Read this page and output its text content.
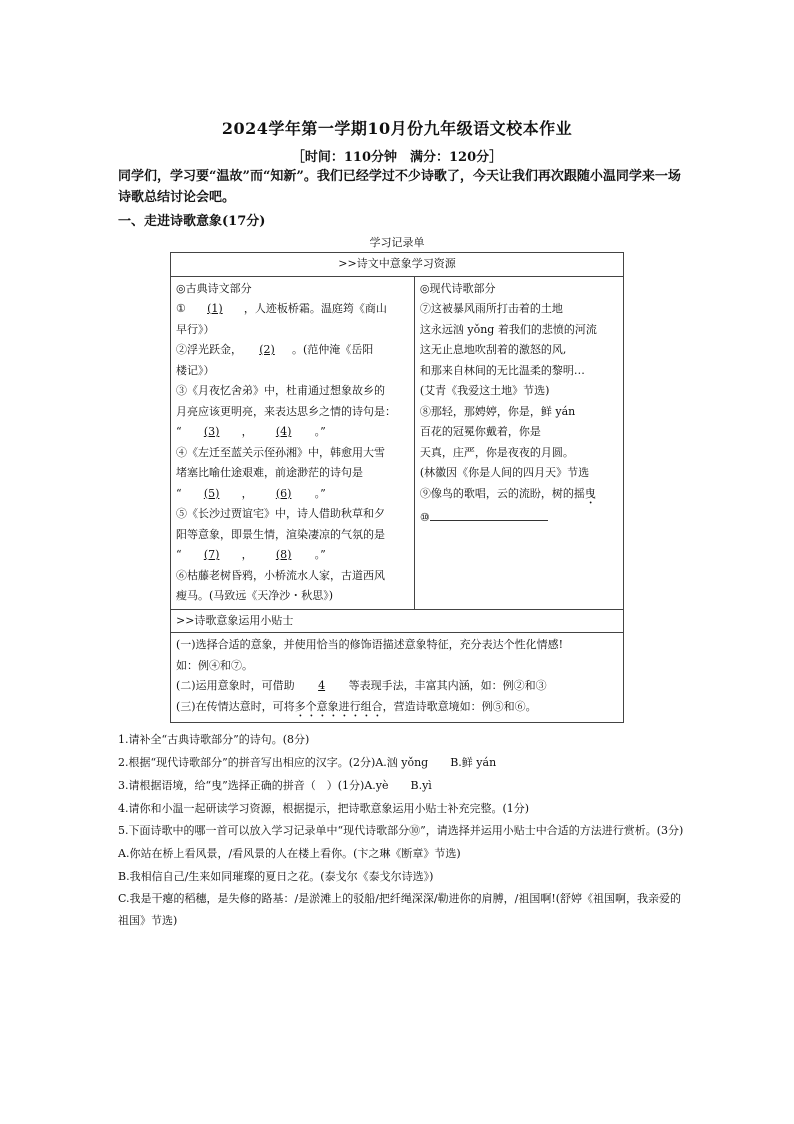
2024学年第一学期10月份九年级语文校本作业
［时间：110分钟　满分：120分］
同学们，学习要“温故”而“知新”。我们已经学过不少诗歌了，今天让我们再次跟随小温同学来一场诗歌总结讨论会吧。
一、走进诗歌意象(17分)
学习记录单
>>诗文中意象学习资源

◎古典诗文部分
① (1) ，人迹板桥霜。温庭筠《商山
早行》）
②浮光跃金， (2) 。(范仲淹《岳阳
楼记》）
③《月夜忆舍弟》中，杜甫通过想象故乡的
月亮应该更明亮，来表达思乡之情的诗句是：
“ (3) ， (4) 。”
④《左迁至蓝关示侄孙湘》中，韩愈用大雪
堵塞比喻仕途艰难，前途渺茫的诗句是
“ (5) ， (6) 。”
⑤《长沙过贾谊宅》中，诗人借助秋草和夕
阳等意象，即景生情，渲染凄凉的气氛的是
“ (7) ， (8) 。”
⑥枯藤老树昏鸦，小桥流水人家，古道西风
瘦马。(马致远《天净沙・秋思》)

◎现代诗歌部分
⑦这被暴风雨所打击着的土地
这永远汹 yǒng 着我们的悲愤的河流
这无止息地吹刮着的激怒的风,
和那来自林间的无比温柔的黎明…
(艾青《我爱这土地》节选)
⑧那轻，那娉婷，你是，鲜 yán
百花的冠冕你戴着，你是
天真，庄严，你是夜夜的月圆。
(林徽因《你是人间的四月天》节选
⑨像鸟的歌唱，云的流盼，树的摇曳
⑩

>>诗歌意象运用小贴士

(一)选择合适的意象，并使用恰当的修饰语描述意象特征，充分表达个性化情感!
如：例④和⑦。
(二)运用意象时，可借助 4 等表现手法，丰富其内涵，如：例②和③
(三)在传情达意时，可将多个意象进行组合，营造诗歌意境如：例⑤和⑥。

1.请补全“古典诗歌部分”的诗句。(8分)

2.根据“现代诗歌部分”的拼音写出相应的汉字。(2分)A.汹 yǒng　　B.鲜 yán

3.请根据语境，给“曳”选择正确的拼音（　）(1分)A.yè　　B.yì

4.请你和小温一起研读学习资源，根据提示，把诗歌意象运用小贴士补充完整。(1分)

5.下面诗歌中的哪一首可以放入学习记录单中“现代诗歌部分⑩”，请选择并运用小贴士中合适的方法进行赏析。(3分)

A.你站在桥上看风景，/看风景的人在楼上看你。(卞之琳《断章》节选)

B.我相信自己/生来如同璀璨的夏日之花。(泰戈尔《泰戈尔诗选》)

C.我是干瘪的稻穗，是失修的路基：/是淤滩上的驳船/把纤绳深深/勒进你的肩膊，/祖国啊!(舒婷《祖国啊，我亲爱的祖国》节选)
